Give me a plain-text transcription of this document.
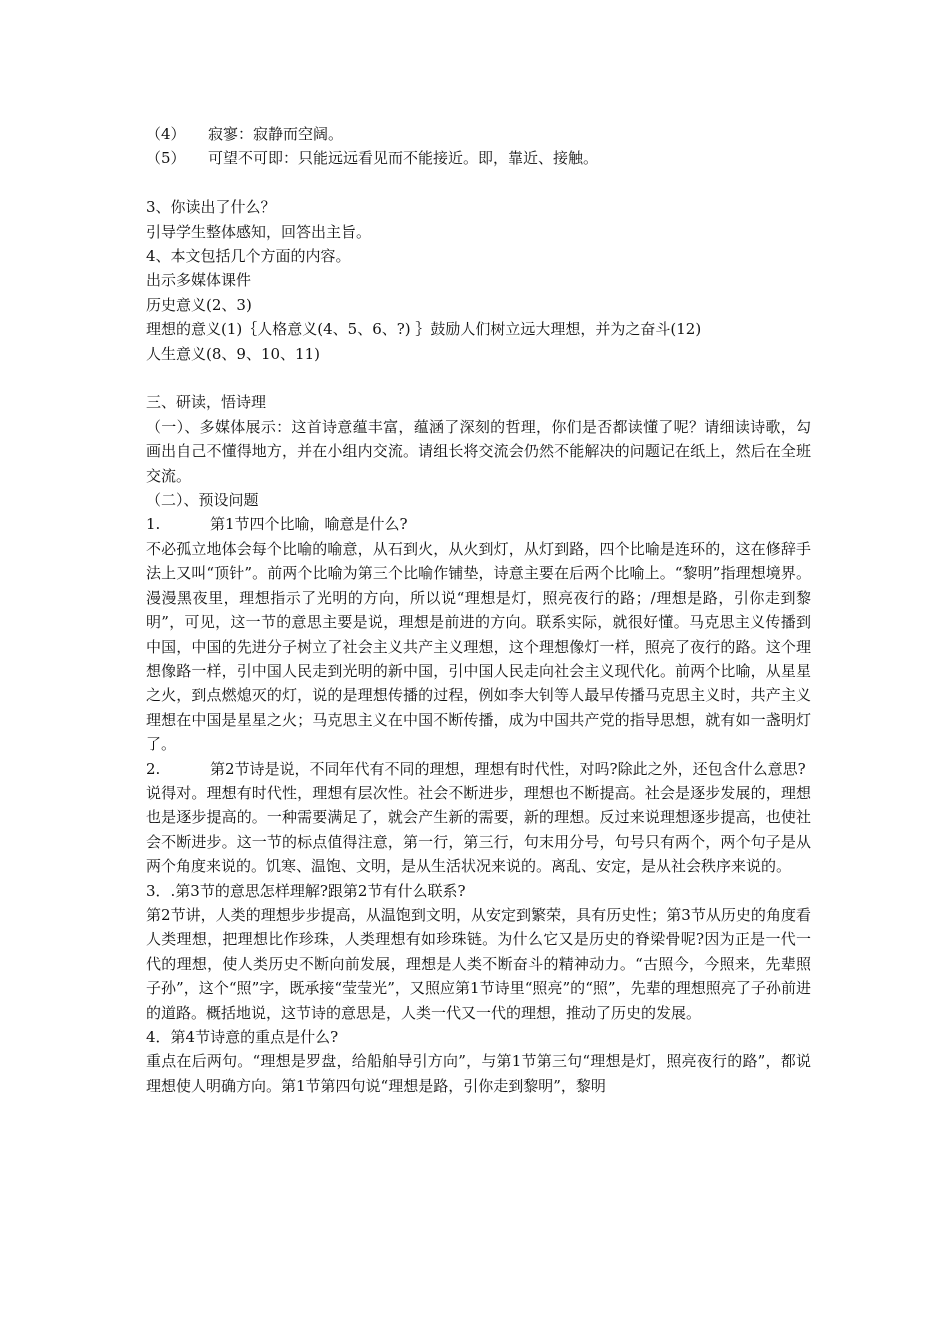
（4） 寂寥：寂静而空阔。

（5） 可望不可即：只能远远看见而不能接近。即，靠近、接触。

3、你读出了什么？

引导学生整体感知，回答出主旨。

4、本文包括几个方面的内容。

出示多媒体课件

历史意义(2、3)

理想的意义(1)｛人格意义(4、5、6、?) ｝鼓励人们树立远大理想，并为之奋斗(12)

人生意义(8、9、10、11)

三、研读，悟诗理

（一）、多媒体展示：这首诗意蕴丰富，蕴涵了深刻的哲理，你们是否都读懂了呢？请细读诗歌，勾画出自己不懂得地方，并在小组内交流。请组长将交流会仍然不能解决的问题记在纸上，然后在全班交流。

（二）、预设问题

1.	第1节四个比喻，喻意是什么?

不必孤立地体会每个比喻的喻意，从石到火，从火到灯，从灯到路，四个比喻是连环的，这在修辞手法上又叫“顶针”。前两个比喻为第三个比喻作铺垫，诗意主要在后两个比喻上。“黎明”指理想境界。漫漫黑夜里，理想指示了光明的方向，所以说“理想是灯，照亮夜行的路；/理想是路，引你走到黎明”，可见，这一节的意思主要是说，理想是前进的方向。联系实际，就很好懂。马克思主义传播到中国，中国的先进分子树立了社会主义共产主义理想，这个理想像灯一样，照亮了夜行的路。这个理想像路一样，引中国人民走到光明的新中国，引中国人民走向社会主义现代化。前两个比喻，从星星之火，到点燃熄灭的灯，说的是理想传播的过程，例如李大钊等人最早传播马克思主义时，共产主义理想在中国是星星之火；马克思主义在中国不断传播，成为中国共产党的指导思想，就有如一盏明灯了。

2.	第2节诗是说，不同年代有不同的理想，理想有时代性，对吗?除此之外，还包含什么意思?

说得对。理想有时代性，理想有层次性。社会不断进步，理想也不断提高。社会是逐步发展的，理想也是逐步提高的。一种需要满足了，就会产生新的需要，新的理想。反过来说理想逐步提高，也使社会不断进步。这一节的标点值得注意，第一行，第三行，句末用分号，句号只有两个，两个句子是从两个角度来说的。饥寒、温饱、文明，是从生活状况来说的。离乱、安定，是从社会秩序来说的。

3．.第3节的意思怎样理解?跟第2节有什么联系?

第2节讲，人类的理想步步提高，从温饱到文明，从安定到繁荣，具有历史性；第3节从历史的角度看人类理想，把理想比作珍珠，人类理想有如珍珠链。为什么它又是历史的脊梁骨呢?因为正是一代一代的理想，使人类历史不断向前发展，理想是人类不断奋斗的精神动力。“古照今，今照来，先辈照子孙”，这个“照”字，既承接“莹莹光”，又照应第1节诗里“照亮”的“照”，先辈的理想照亮了子孙前进的道路。概括地说，这节诗的意思是，人类一代又一代的理想，推动了历史的发展。

4．第4节诗意的重点是什么?

重点在后两句。“理想是罗盘，给船舶导引方向”，与第1节第三句“理想是灯，照亮夜行的路”，都说理想使人明确方向。第1节第四句说“理想是路，引你走到黎明”，黎明
